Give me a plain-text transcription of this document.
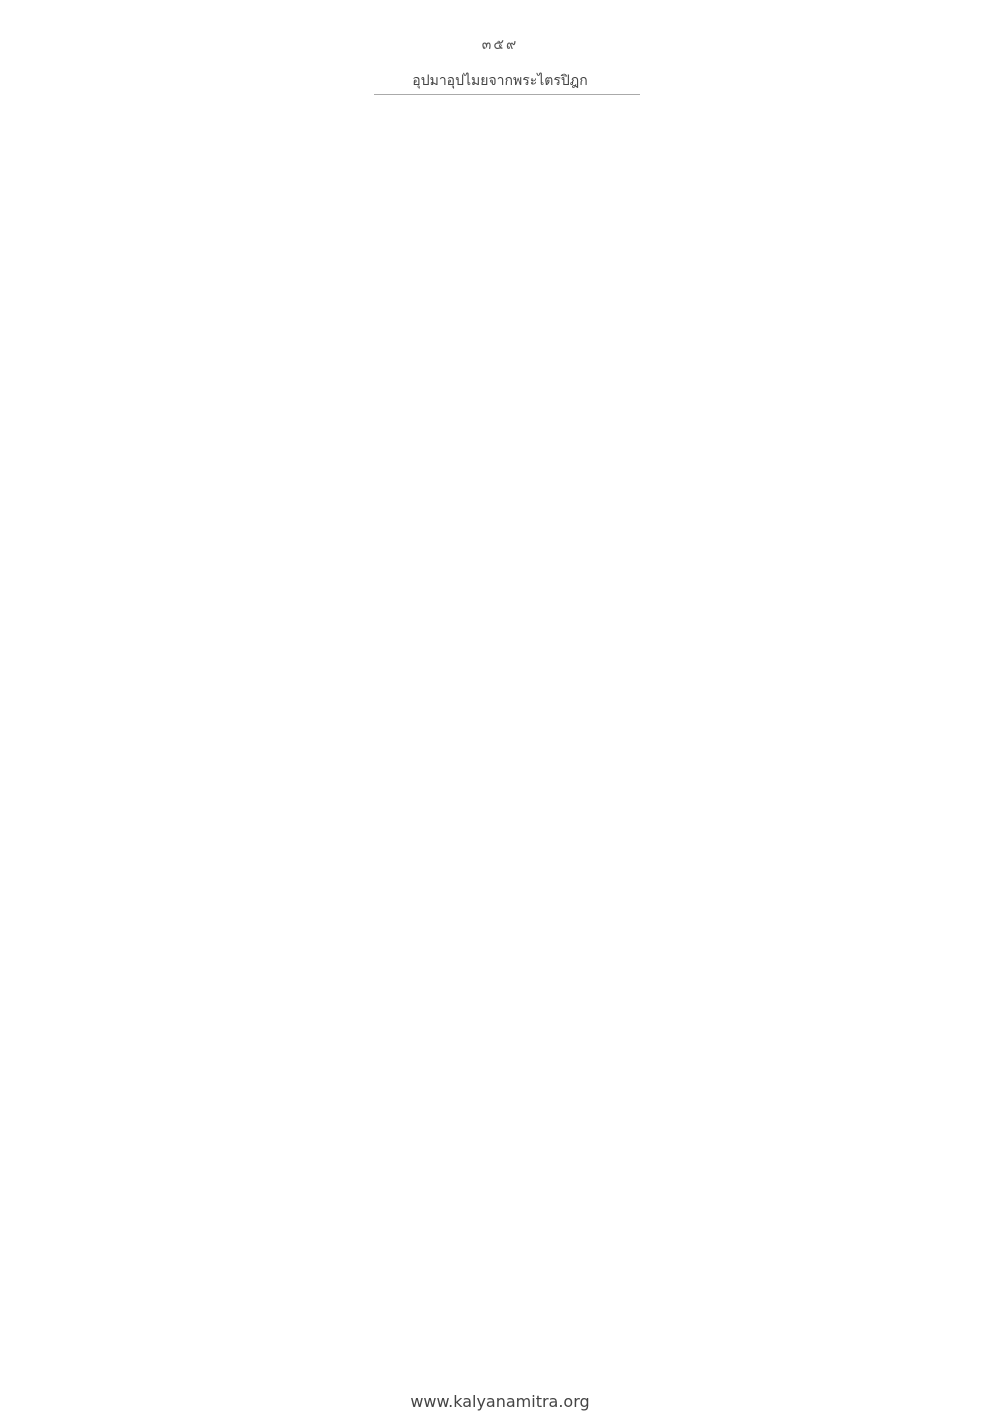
๓๕๙
อุปมาอุปไมยจากพระไตรปิฎก
www.kalyanamitra.org
